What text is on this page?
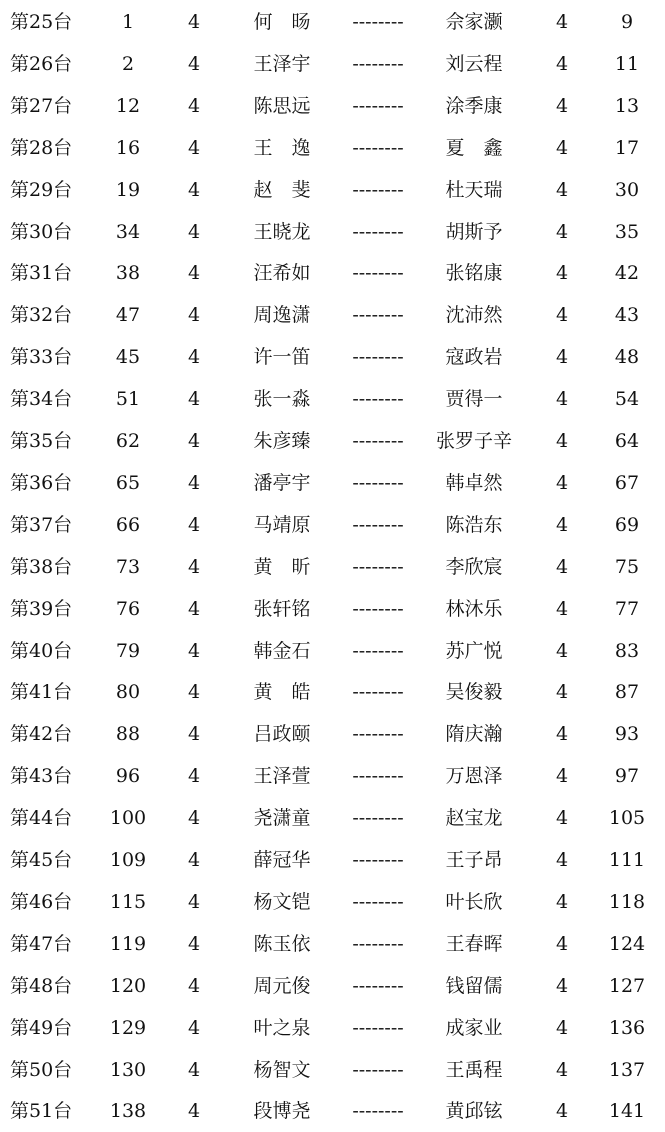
第25台	1	4	何　旸	--------	佘家灏	4	9
第26台	2	4	王泽宇	--------	刘云程	4	11
第27台	12	4	陈思远	--------	涂季康	4	13
第28台	16	4	王　逸	--------	夏　鑫	4	17
第29台	19	4	赵　斐	--------	杜天瑞	4	30
第30台	34	4	王晓龙	--------	胡斯予	4	35
第31台	38	4	汪希如	--------	张铭康	4	42
第32台	47	4	周逸潇	--------	沈沛然	4	43
第33台	45	4	许一笛	--------	寇政岩	4	48
第34台	51	4	张一淼	--------	贾得一	4	54
第35台	62	4	朱彦臻	--------	张罗子辛	4	64
第36台	65	4	潘亭宇	--------	韩卓然	4	67
第37台	66	4	马靖原	--------	陈浩东	4	69
第38台	73	4	黄　昕	--------	李欣宸	4	75
第39台	76	4	张轩铭	--------	林沐乐	4	77
第40台	79	4	韩金石	--------	苏广悦	4	83
第41台	80	4	黄　皓	--------	吴俊毅	4	87
第42台	88	4	吕政颐	--------	隋庆瀚	4	93
第43台	96	4	王泽萱	--------	万恩泽	4	97
第44台	100	4	尧潇童	--------	赵宝龙	4	105
第45台	109	4	薛冠华	--------	王子昂	4	111
第46台	115	4	杨文铠	--------	叶长欣	4	118
第47台	119	4	陈玉依	--------	王春晖	4	124
第48台	120	4	周元俊	--------	钱留儒	4	127
第49台	129	4	叶之泉	--------	成家业	4	136
第50台	130	4	杨智文	--------	王禹程	4	137
第51台	138	4	段博尧	--------	黄邱铉	4	141
